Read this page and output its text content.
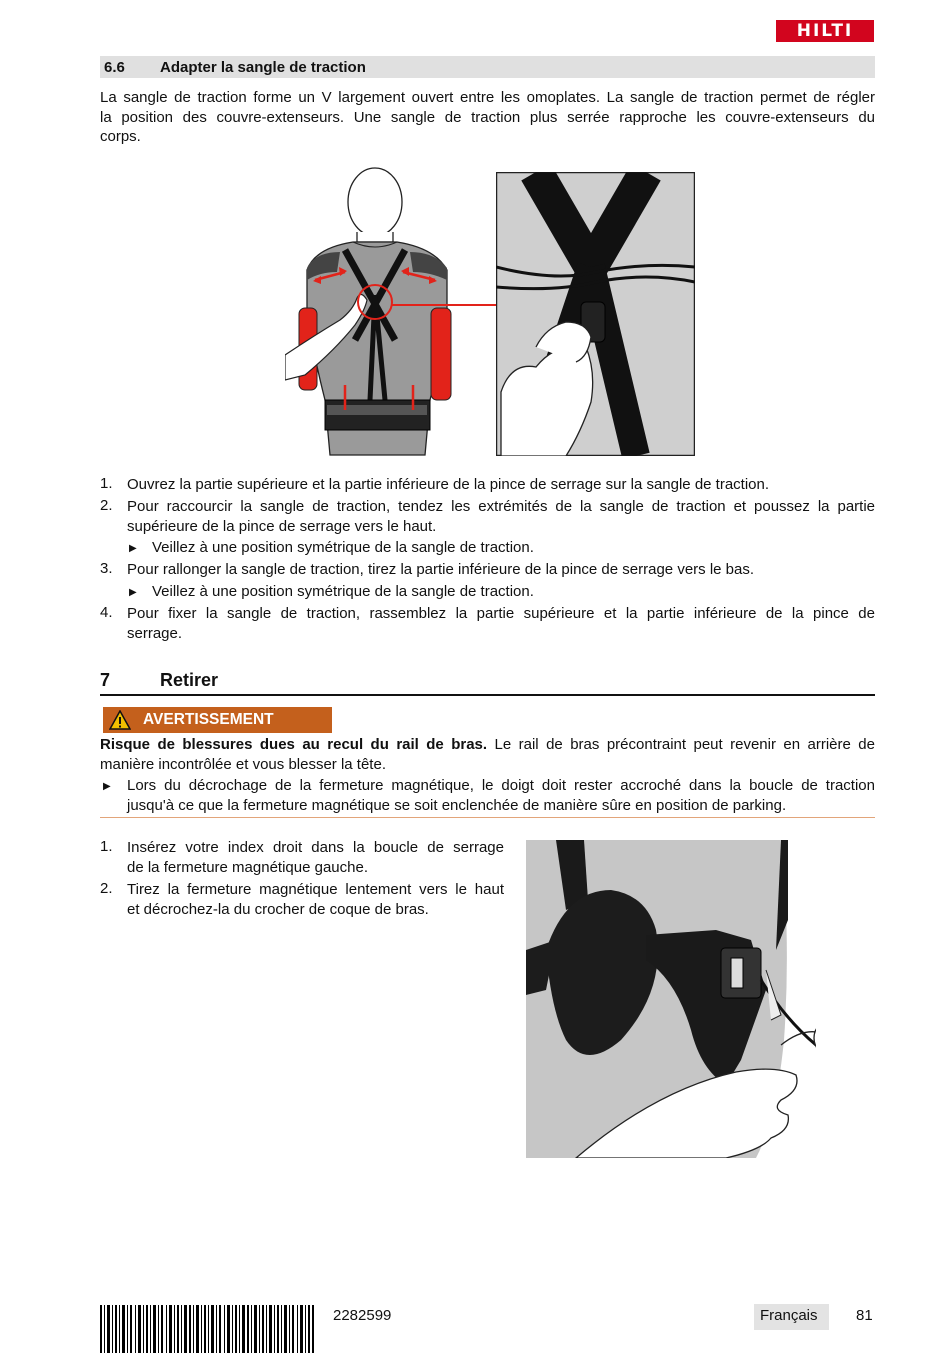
HILTI
6.6 Adapter la sangle de traction
La sangle de traction forme un V largement ouvert entre les omoplates. La sangle de traction permet de régler
la position des couvre-extenseurs. Une sangle de traction plus serrée rapproche les couvre-extenseurs du
corps.
1. Ouvrez la partie supérieure et la partie inférieure de la pince de serrage sur la sangle de traction.
2. Pour raccourcir la sangle de traction, tendez les extrémités de la sangle de traction et poussez la partie
supérieure de la pince de serrage vers le haut.
▶ Veillez à une position symétrique de la sangle de traction.
3. Pour rallonger la sangle de traction, tirez la partie inférieure de la pince de serrage vers le bas.
▶ Veillez à une position symétrique de la sangle de traction.
4. Pour fixer la sangle de traction, rassemblez la partie supérieure et la partie inférieure de la pince de
serrage.
7	Retirer
AVERTISSEMENT
Risque de blessures dues au recul du rail de bras. Le rail de bras précontraint peut revenir en arrière de
manière incontrôlée et vous blesser la tête.
▶ Lors du décrochage de la fermeture magnétique, le doigt doit rester accroché dans la boucle de traction
jusqu'à ce que la fermeture magnétique se soit enclenchée de manière sûre en position de parking.
1. Insérez votre index droit dans la boucle de serrage
de la fermeture magnétique gauche.
2. Tirez la fermeture magnétique lentement vers le haut
et décrochez-la du crocher de coque de bras.
2282599	Français	81
